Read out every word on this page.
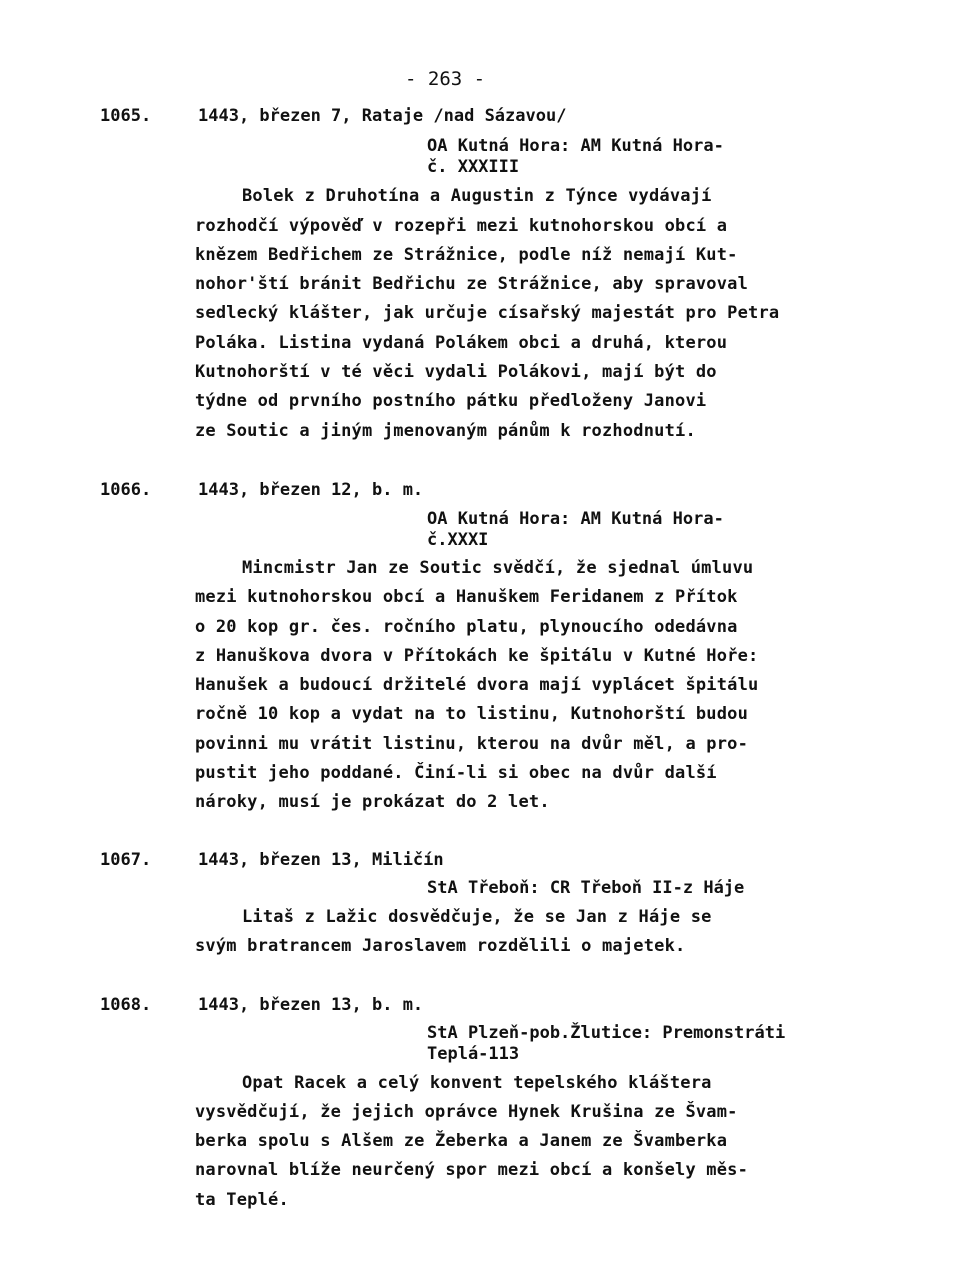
- 263 -
1065.	1443, březen 7, Rataje /nad Sázavou/
OA Kutná Hora: AM Kutná Hora-
č. XXXIII
Bolek z Druhotína a Augustin z Týnce vydávají
rozhodčí výpověď v rozepři mezi kutnohorskou obcí a
knězem Bedřichem ze Strážnice, podle níž nemají Kut-
nohor'ští bránit Bedřichu ze Strážnice, aby spravoval
sedlecký klášter, jak určuje císařský majestát pro Petra
Poláka. Listina vydaná Polákem obci a druhá, kterou
Kutnohorští v té věci vydali Polákovi, mají být do
týdne od prvního postního pátku předloženy Janovi
ze Soutic a jiným jmenovaným pánům k rozhodnutí.
1066.	1443, březen 12, b. m.
OA Kutná Hora: AM Kutná Hora-
č.XXXI
Mincmistr Jan ze Soutic svědčí, že sjednal úmluvu
mezi kutnohorskou obcí a Hanuškem Feridanem z Přítok
o 20 kop gr. čes. ročního platu, plynoucího odedávna
z Hanuškova dvora v Přítokách ke špitálu v Kutné Hoře:
Hanušek a budoucí držitelé dvora mají vyplácet špitálu
ročně 10 kop a vydat na to listinu, Kutnohorští budou
povinni mu vrátit listinu, kterou na dvůr měl, a pro-
pustit jeho poddané. Činí-li si obec na dvůr další
nároky, musí je prokázat do 2 let.
1067.	1443, březen 13, Miličín
StA Třeboň: CR Třeboň II-z Háje
Litaš z Lažic dosvědčuje, že se Jan z Háje se
svým bratrancem Jaroslavem rozdělili o majetek.
1068.	1443, březen 13, b. m.
StA Plzeň-pob.Žlutice: Premonstráti
Teplá-113
Opat Racek a celý konvent tepelského kláštera
vysvědčují, že jejich oprávce Hynek Krušina ze Švam-
berka spolu s Alšem ze Žeberka a Janem ze Švamberka
narovnal blíže neurčený spor mezi obcí a konšely měs-
ta Teplé.
